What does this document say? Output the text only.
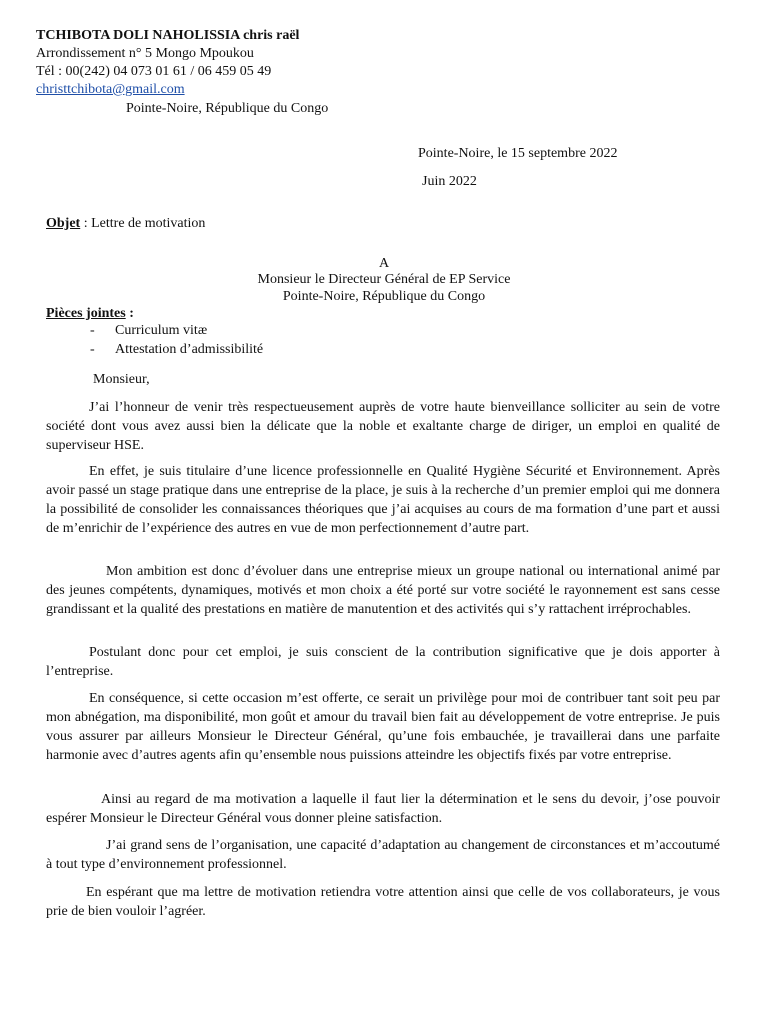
TCHIBOTA DOLI NAHOLISSIA chris raël
Arrondissement n° 5 Mongo Mpoukou
Tél : 00(242) 04 073 01 61 / 06 459 05 49
christtchibota@gmail.com
Pointe-Noire, République du Congo
Pointe-Noire, le 15 septembre 2022
Juin 2022
Objet : Lettre de motivation
A
Monsieur le Directeur Général de EP Service
Pointe-Noire, République du Congo
Pièces jointes :
- Curriculum vitæ
- Attestation d’admissibilité
Monsieur,

J’ai l’honneur de venir très respectueusement auprès de votre haute bienveillance solliciter au sein de votre société dont vous avez aussi bien la délicate que la noble et exaltante charge de diriger, un emploi en qualité de superviseur HSE.

En effet, je suis titulaire d’une licence professionnelle en Qualité Hygiène Sécurité et Environnement. Après avoir passé un stage pratique dans une entreprise de la place, je suis à la recherche d’un premier emploi qui me donnera la possibilité de consolider les connaissances théoriques que j’ai acquises au cours de ma formation d’une part et aussi de m’enrichir de l’expérience des autres en vue de mon perfectionnement d’autre part.

Mon ambition est donc d’évoluer dans une entreprise mieux un groupe national ou international animé par des jeunes compétents, dynamiques, motivés et mon choix a été porté sur votre société le rayonnement est sans cesse grandissant et la qualité des prestations en matière de manutention et des activités qui s’y rattachent irréprochables.

Postulant donc pour cet emploi, je suis conscient de la contribution significative que je dois apporter à l’entreprise.

En conséquence, si cette occasion m’est offerte, ce serait un privilège pour moi de contribuer tant soit peu par mon abnégation, ma disponibilité, mon goût et amour du travail bien fait au développement de votre entreprise. Je puis vous assurer par ailleurs Monsieur le Directeur Général, qu’une fois embauchée, je travaillerai dans une parfaite harmonie avec d’autres agents afin qu’ensemble nous puissions atteindre les objectifs fixés par votre entreprise.

Ainsi au regard de ma motivation a laquelle il faut lier la détermination et le sens du devoir, j’ose pouvoir espérer Monsieur le Directeur Général vous donner pleine satisfaction.

J’ai grand sens de l’organisation, une capacité d’adaptation au changement de circonstances et m’accoutumé à tout type d’environnement professionnel.

En espérant que ma lettre de motivation retiendra votre attention ainsi que celle de vos collaborateurs, je vous prie de bien vouloir l’agréer.
